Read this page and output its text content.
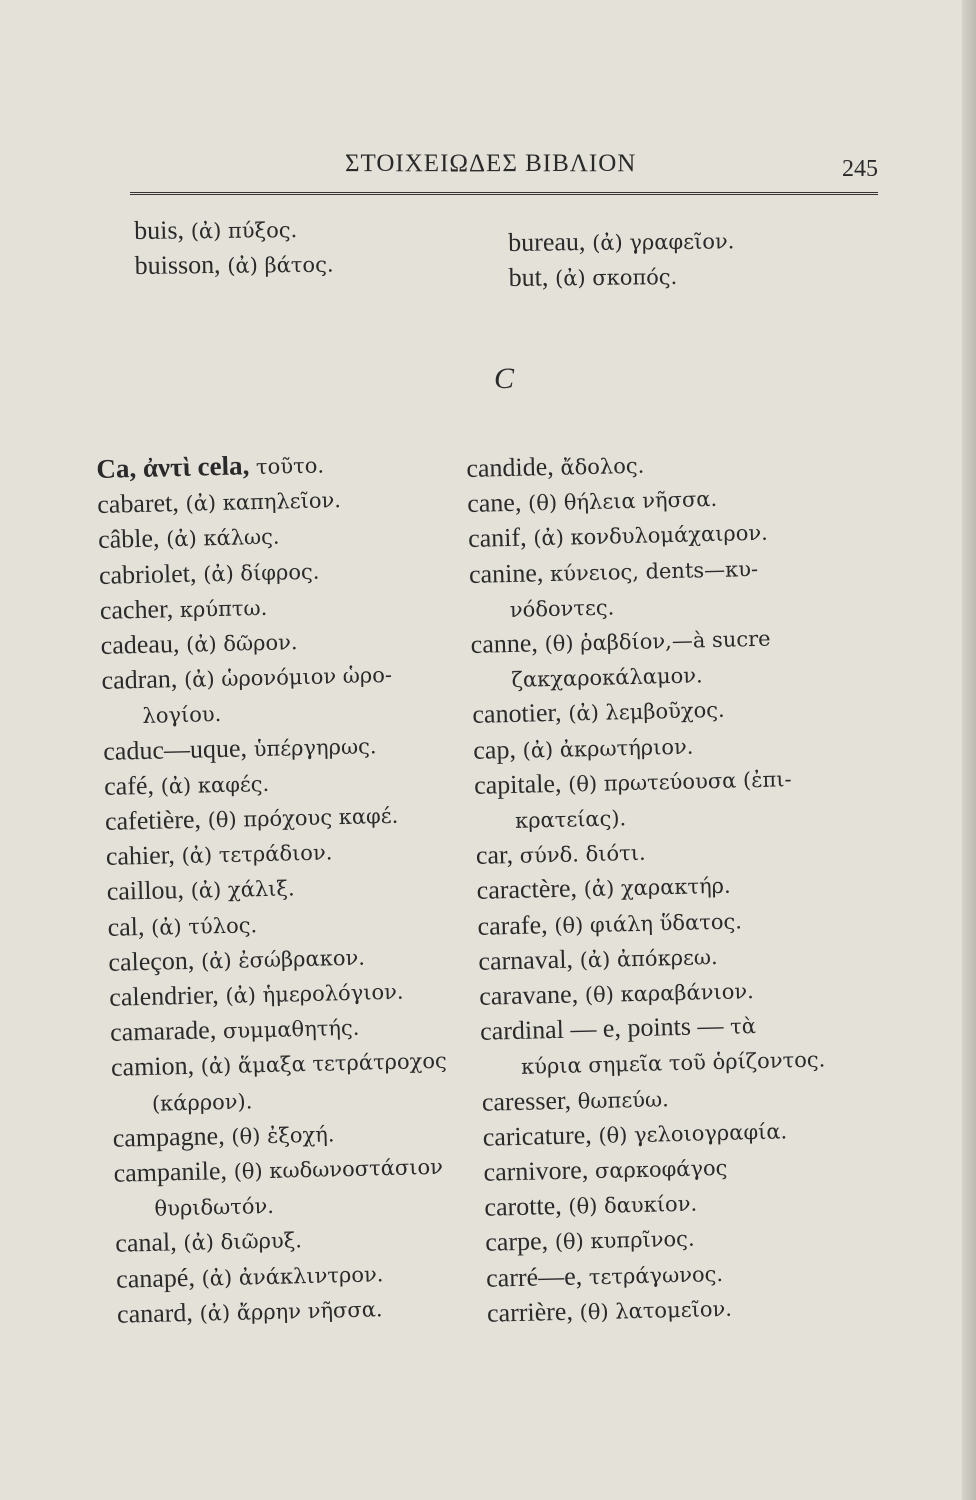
ΣΤΟΙΧΕΙΩΔΕΣ ΒΙΒΛΙΟΝ	245
buis, (ἀ) πύξος.
buisson, (ἀ) βάτος.
bureau, (ἀ) γραφεῖον.
but, (ἀ) σκοπός.
C
Ca, ἀντὶ cela, τοῦτο.
cabaret, (ἀ) καπηλεῖον.
câble, (ἀ) κάλως.
cabriolet, (ἀ) δίφρος.
cacher, κρύπτω.
cadeau, (ἀ) δῶρον.
cadran, (ἀ) ὡρονόμιον ὡρο-
λογίου.
caduc—uque, ὑπέργηρως.
café, (ἀ) καφές.
cafetière, (θ) πρόχους καφέ.
cahier, (ἀ) τετράδιον.
caillou, (ἀ) χάλιξ.
cal, (ἀ) τύλος.
caleçon, (ἀ) ἐσώβρακον.
calendrier, (ἀ) ἡμερολόγιον.
camarade, συμμαθητής.
camion, (ἀ) ἅμαξα τετράτροχος
(κάρρον).
campagne, (θ) ἐξοχή.
campanile, (θ) κωδωνοστάσιον
θυριδωτόν.
canal, (ἀ) διῶρυξ.
canapé, (ἀ) ἀνάκλιντρον.
canard, (ἀ) ἄρρην νῆσσα.
candide, ἄδολος.
cane, (θ) θήλεια νῆσσα.
canif, (ἀ) κονδυλομάχαιρον.
canine, κύνειος, dents—κυ-
νόδοντες.
canne, (θ) ῥαβδίον,—à sucre
ζακχαροκάλαμον.
canotier, (ἀ) λεμβοῦχος.
cap, (ἀ) ἀκρωτήριον.
capitale, (θ) πρωτεύουσα (ἐπι-
κρατείας).
car, σύνδ. διότι.
caractère, (ἀ) χαρακτήρ.
carafe, (θ) φιάλη ὕδατος.
carnaval, (ἀ) ἀπόκρεω.
caravane, (θ) καραβάνιον.
cardinal — e, points — τὰ
κύρια σημεῖα τοῦ ὁρίζοντος.
caresser, θωπεύω.
caricature, (θ) γελοιογραφία.
carnivore, σαρκοφάγος
carotte, (θ) δαυκίον.
carpe, (θ) κυπρῖνος.
carré—e, τετράγωνος.
carrière, (θ) λατομεῖον.
